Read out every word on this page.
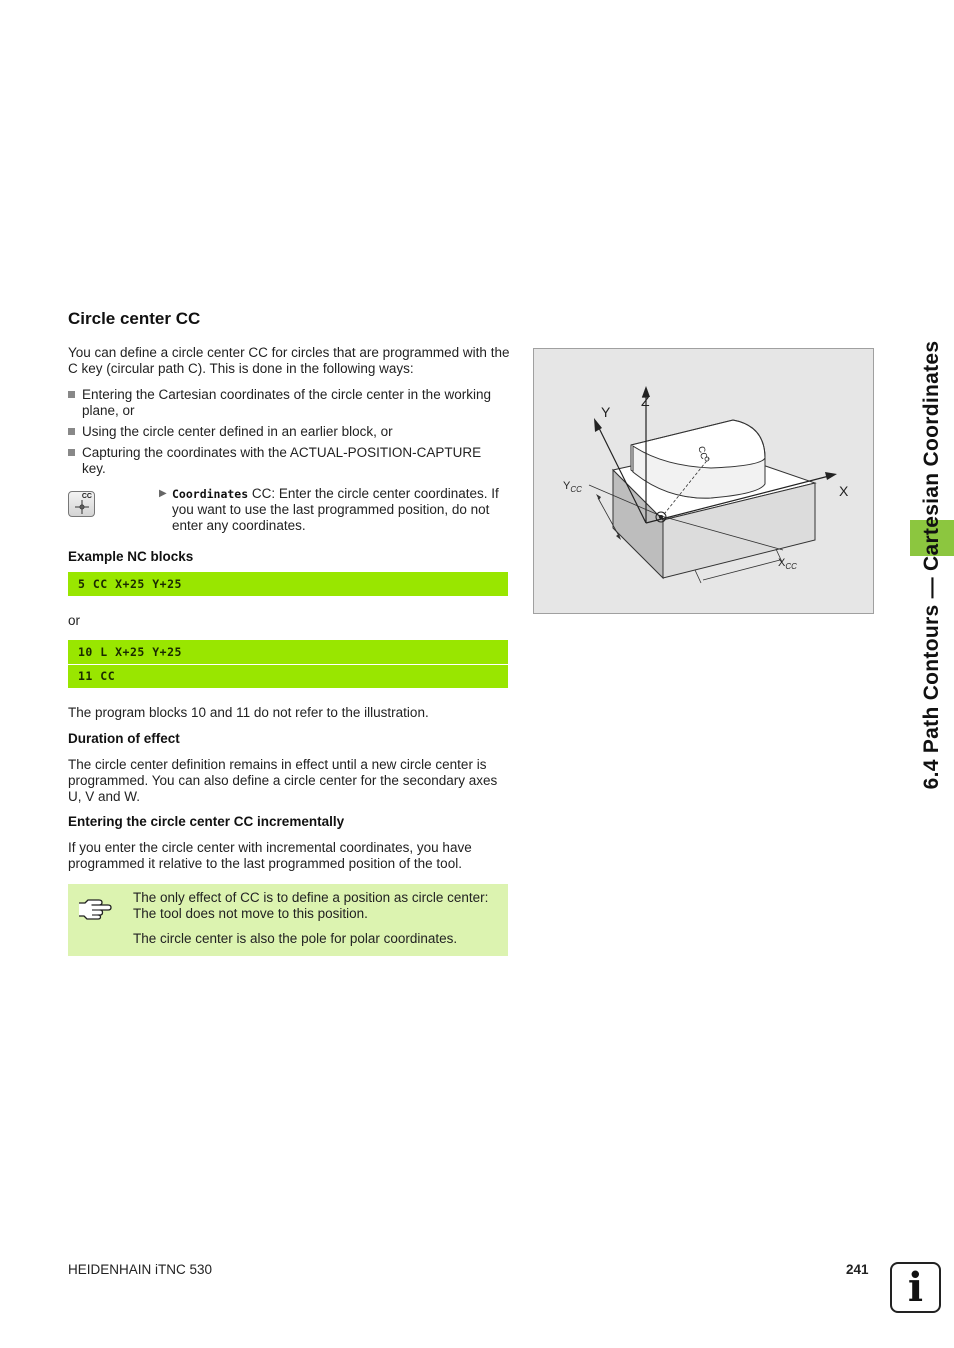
6.4 Path Contours — Cartesian Coordinates
Circle center CC
You can define a circle center CC for circles that are programmed with the C key (circular path C). This is done in the following ways:
Entering the Cartesian coordinates of the circle center in the working plane, or
Using the circle center defined in an earlier block, or
Capturing the coordinates with the ACTUAL-POSITION-CAPTURE key.
CC	▶ Coordinates CC: Enter the circle center coordinates. If you want to use the last programmed position, do not enter any coordinates.
Example NC blocks
5 CC X+25 Y+25
or
10 L X+25 Y+25
11 CC
The program blocks 10 and 11 do not refer to the illustration.
Duration of effect
The circle center definition remains in effect until a new circle center is programmed. You can also define a circle center for the secondary axes U, V and W.
Entering the circle center CC incrementally
If you enter the circle center with incremental coordinates, you have programmed it relative to the last programmed position of the tool.
The only effect of CC is to define a position as circle center: The tool does not move to this position.
The circle center is also the pole for polar coordinates.
Z
Y
X
$Y_{CC}$
$X_{CC}$
CC
HEIDENHAIN iTNC 530	241 i
